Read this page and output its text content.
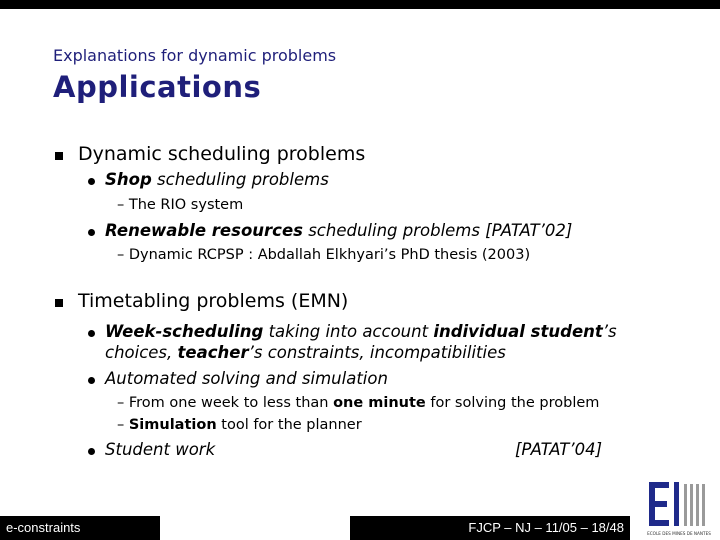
Explanations for dynamic problems
Applications
Dynamic scheduling problems
Shop scheduling problems
– The RIO system
Renewable resources scheduling problems [PATAT’02]
– Dynamic RCPSP : Abdallah Elkhyari’s PhD thesis (2003)
Timetabling problems (EMN)
Week-scheduling taking into account individual student’s
choices, teacher’s constraints, incompatibilities
Automated solving and simulation
– From one week to less than one minute for solving the problem
– Simulation tool for the planner
Student work	[PATAT’04]
ECOLE DES MINES DE NANTES
e-constraints	FJCP – NJ – 11/05 – 18/48
